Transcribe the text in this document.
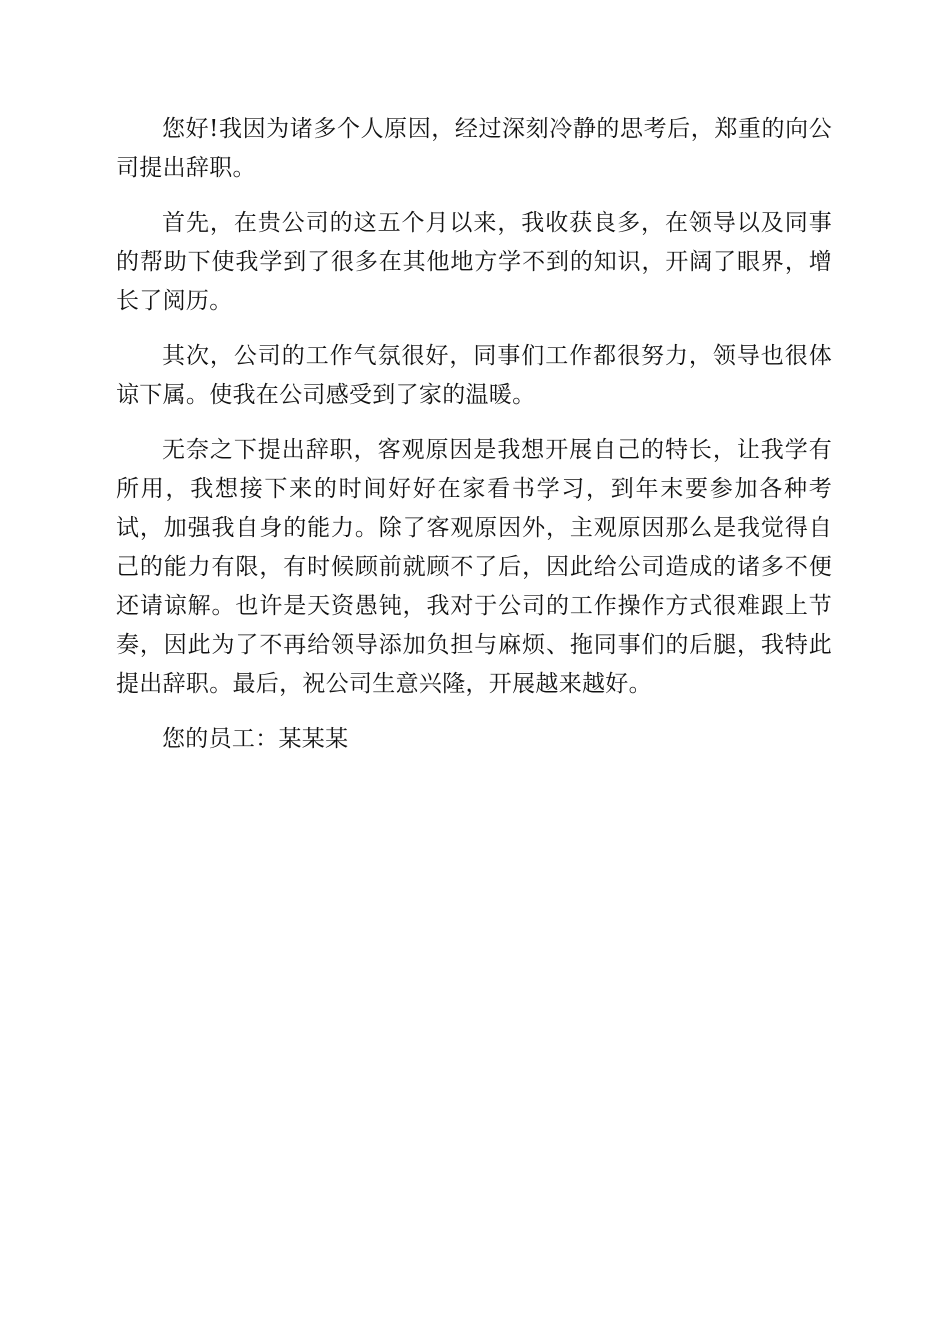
您好!我因为诸多个人原因，经过深刻冷静的思考后，郑重的向公司提出辞职。

首先，在贵公司的这五个月以来，我收获良多，在领导以及同事的帮助下使我学到了很多在其他地方学不到的知识，开阔了眼界，增长了阅历。

其次，公司的工作气氛很好，同事们工作都很努力，领导也很体谅下属。使我在公司感受到了家的温暖。

无奈之下提出辞职，客观原因是我想开展自己的特长，让我学有所用，我想接下来的时间好好在家看书学习，到年末要参加各种考试，加强我自身的能力。除了客观原因外，主观原因那么是我觉得自己的能力有限，有时候顾前就顾不了后，因此给公司造成的诸多不便还请谅解。也许是天资愚钝，我对于公司的工作操作方式很难跟上节奏，因此为了不再给领导添加负担与麻烦、拖同事们的后腿，我特此提出辞职。最后，祝公司生意兴隆，开展越来越好。

您的员工：某某某
